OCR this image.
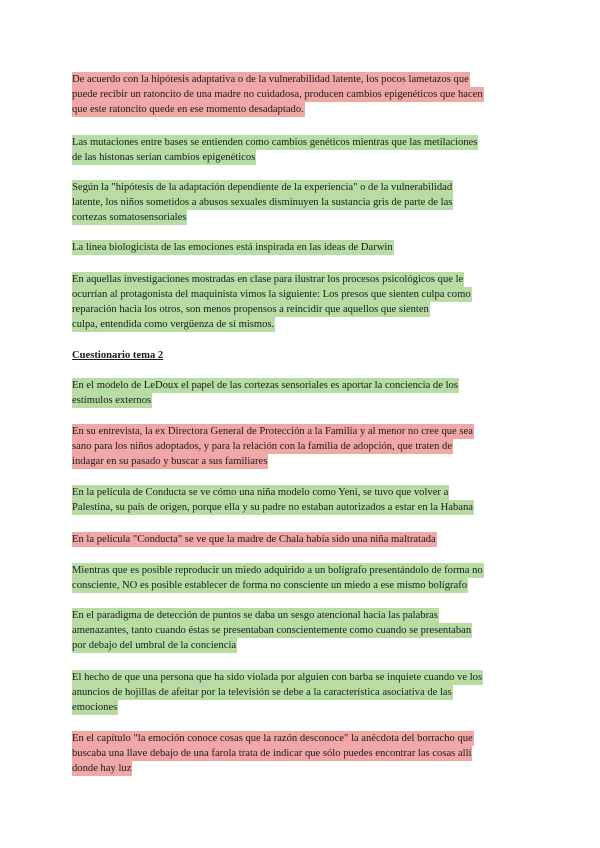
De acuerdo con la hipótesis adaptativa o de la vulnerabilidad latente, los pocos lametazos que
puede recibir un ratoncito de una madre no cuidadosa, producen cambios epigenéticos que hacen
que este ratoncito quede en ese momento desadaptado.
Las mutaciones entre bases se entienden como cambios genéticos mientras que las metilaciones
de las histonas serían cambios epigenéticos
Según la "hipótesis de la adaptación dependiente de la experiencia" o de la vulnerabilidad
latente, los niños sometidos a abusos sexuales disminuyen la sustancia gris de parte de las
cortezas somatosensoriales
La línea biologicista de las emociones está inspirada en las ideas de Darwin
En aquellas investigaciones mostradas en clase para ilustrar los procesos psicológicos que le
ocurrían al protagonista del maquinista vimos la siguiente: Los presos que sienten culpa como
reparación hacia los otros, son menos propensos a reincidir que aquellos que sienten
culpa, entendida como vergüenza de sí mismos.
Cuestionario tema 2
En el modelo de LeDoux el papel de las cortezas sensoriales es aportar la conciencia de los
estímulos externos
En su entrevista, la ex Directora General de Protección a la Familia y al menor no cree que sea
sano para los niños adoptados, y para la relación con la familia de adopción, que traten de
indagar en su pasado y buscar a sus familiares
En la película de Conducta se ve cómo una niña modelo como Yeni, se tuvo que volver a
Palestina, su país de origen, porque ella y su padre no estaban autorizados a estar en la Habana
En la película "Conducta" se ve que la madre de Chala había sido una niña maltratada
Mientras que es posible reproducir un miedo adquirido a un bolígrafo presentándolo de forma no
consciente, NO es posible establecer de forma no consciente un miedo a ese mismo bolígrafo
En el paradigma de detección de puntos se daba un sesgo atencional hacia las palabras
amenazantes, tanto cuando éstas se presentaban conscientemente como cuando se presentaban
por debajo del umbral de la conciencia
El hecho de que una persona que ha sido violada por alguien con barba se inquiete cuando ve los
anuncios de hojillas de afeitar por la televisión se debe a la característica asociativa de las
emociones
En el capítulo "la emoción conoce cosas que la razón desconoce" la anécdota del borracho que
buscaba una llave debajo de una farola trata de indicar que sólo puedes encontrar las cosas allí
donde hay luz
